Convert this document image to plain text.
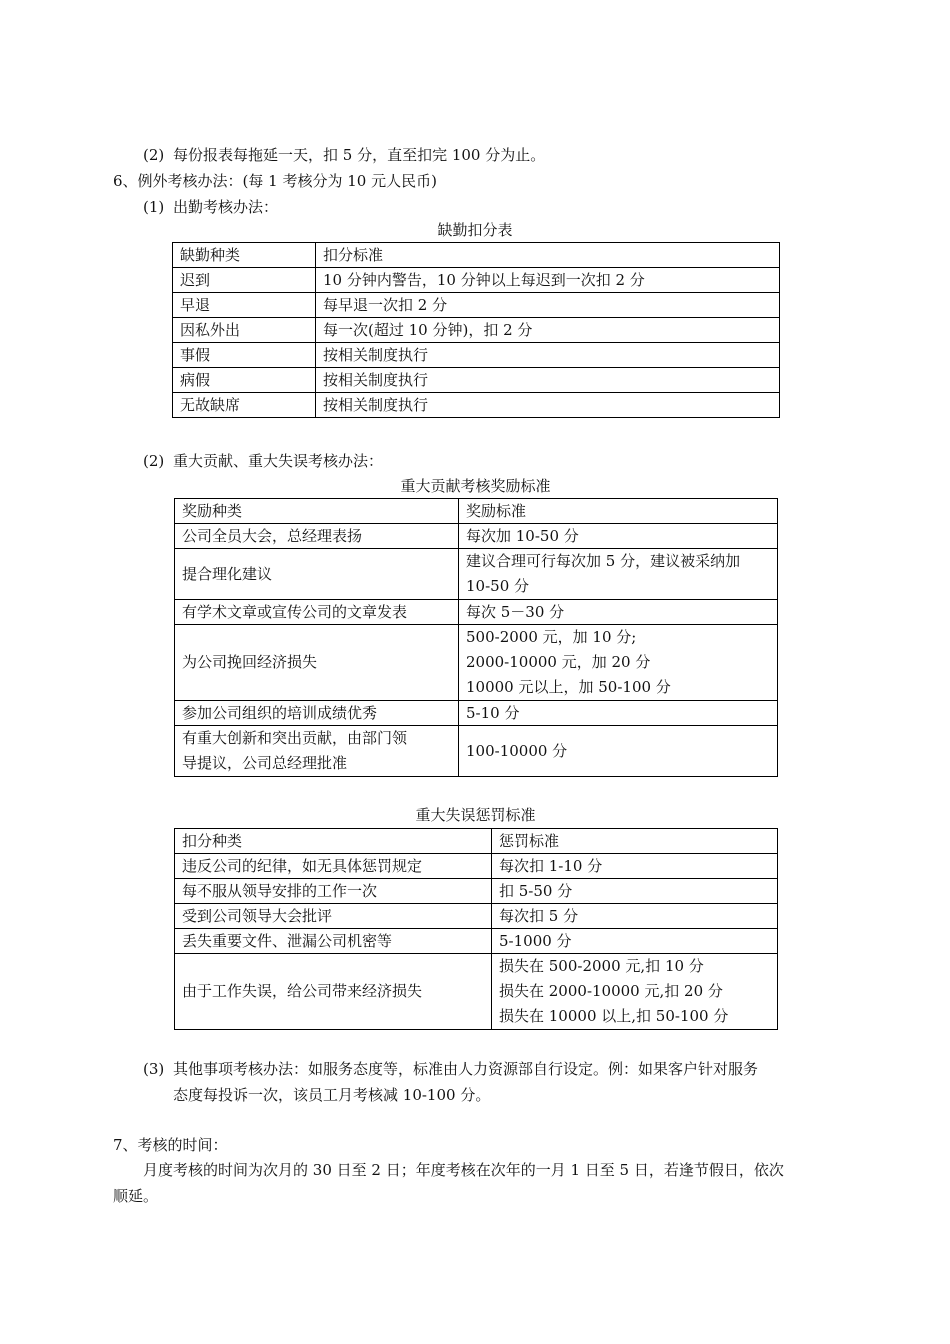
(2) 每份报表每拖延一天，扣 5 分，直至扣完 100 分为止。
6、例外考核办法：(每 1 考核分为 10 元人民币)
(1) 出勤考核办法：
缺勤扣分表
缺勤种类	扣分标准
迟到	10 分钟内警告，10 分钟以上每迟到一次扣 2 分
早退	每早退一次扣 2 分
因私外出	每一次(超过 10 分钟)，扣 2 分
事假	按相关制度执行
病假	按相关制度执行
无故缺席	按相关制度执行
(2) 重大贡献、重大失误考核办法：
重大贡献考核奖励标准
奖励种类	奖励标准
公司全员大会，总经理表扬	每次加 10-50 分
提合理化建议	建议合理可行每次加 5 分，建议被采纳加
10-50 分
有学术文章或宣传公司的文章发表	每次 5－30 分
为公司挽回经济损失	500-2000 元，加 10 分;
2000-10000 元，加 20 分
10000 元以上，加 50-100 分
参加公司组织的培训成绩优秀	5-10 分
有重大创新和突出贡献，由部门领
导提议，公司总经理批准	100-10000 分
重大失误惩罚标准
扣分种类	惩罚标准
违反公司的纪律，如无具体惩罚规定	每次扣 1-10 分
每不服从领导安排的工作一次	扣 5-50 分
受到公司领导大会批评	每次扣 5 分
丢失重要文件、泄漏公司机密等	5-1000 分
由于工作失误，给公司带来经济损失	损失在 500-2000 元,扣 10 分
损失在 2000-10000 元,扣 20 分
损失在 10000 以上,扣 50-100 分
(3) 其他事项考核办法：如服务态度等，标准由人力资源部自行设定。例：如果客户针对服务
态度每投诉一次，该员工月考核减 10-100 分。
7、考核的时间：
月度考核的时间为次月的 30 日至 2 日；年度考核在次年的一月 1 日至 5 日，若逢节假日，依次
顺延。
